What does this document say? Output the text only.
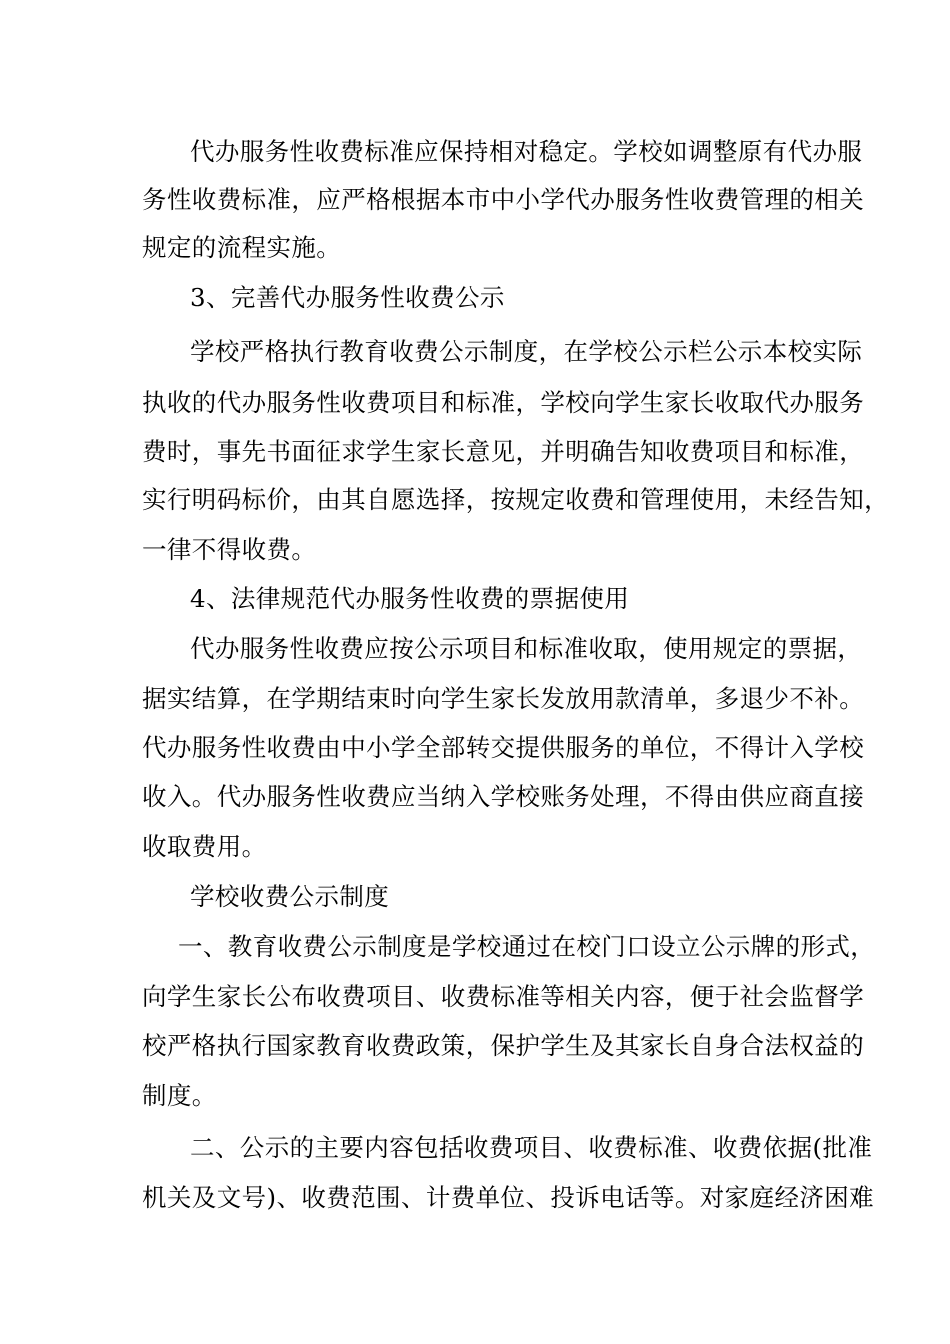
代办服务性收费标准应保持相对稳定。学校如调整原有代办服
务性收费标准，应严格根据本市中小学代办服务性收费管理的相关
规定的流程实施。
3、完善代办服务性收费公示
学校严格执行教育收费公示制度，在学校公示栏公示本校实际
执收的代办服务性收费项目和标准，学校向学生家长收取代办服务
费时，事先书面征求学生家长意见，并明确告知收费项目和标准，
实行明码标价，由其自愿选择，按规定收费和管理使用，未经告知，
一律不得收费。
4、法律规范代办服务性收费的票据使用
代办服务性收费应按公示项目和标准收取，使用规定的票据，
据实结算，在学期结束时向学生家长发放用款清单，多退少不补。
代办服务性收费由中小学全部转交提供服务的单位，不得计入学校
收入。代办服务性收费应当纳入学校账务处理，不得由供应商直接
收取费用。
学校收费公示制度
一、教育收费公示制度是学校通过在校门口设立公示牌的形式，
向学生家长公布收费项目、收费标准等相关内容，便于社会监督学
校严格执行国家教育收费政策，保护学生及其家长自身合法权益的
制度。
二、公示的主要内容包括收费项目、收费标准、收费依据(批准
机关及文号)、收费范围、计费单位、投诉电话等。对家庭经济困难
